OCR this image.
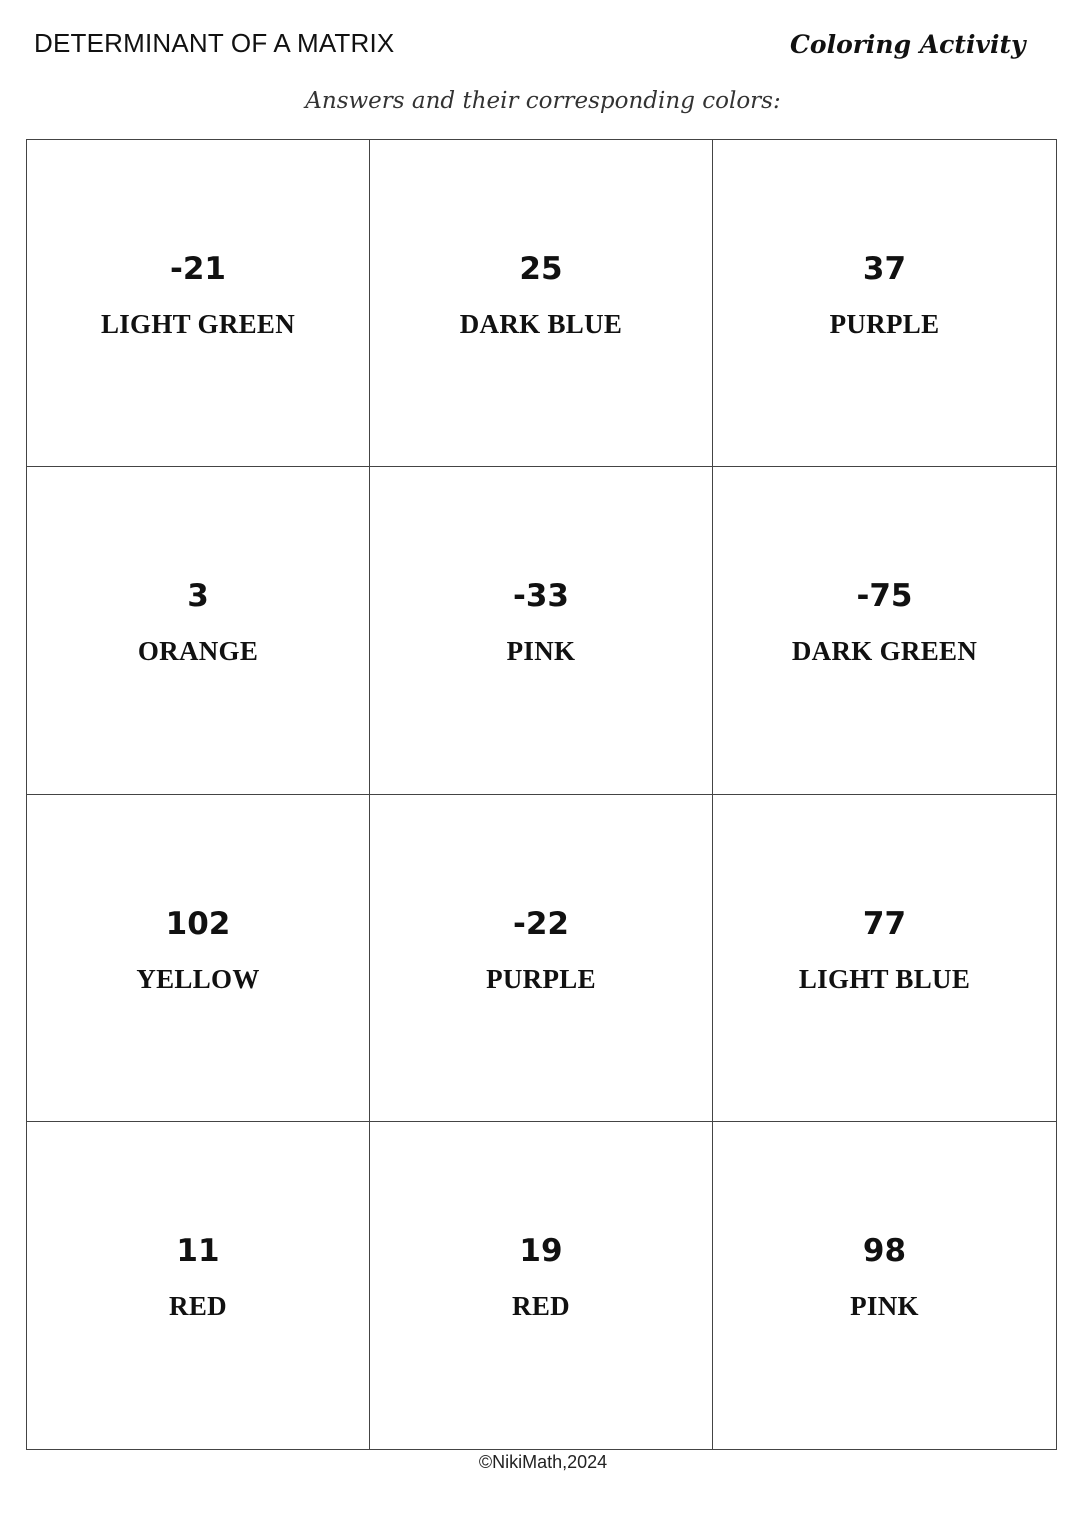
DETERMINANT OF A MATRIX	Coloring Activity
Answers and their corresponding colors:
-21
LIGHT GREEN
25
DARK BLUE
37
PURPLE
3
ORANGE
-33
PINK
-75
DARK GREEN
102
YELLOW
-22
PURPLE
77
LIGHT BLUE
11
RED
19
RED
98
PINK
©NikiMath,2024
